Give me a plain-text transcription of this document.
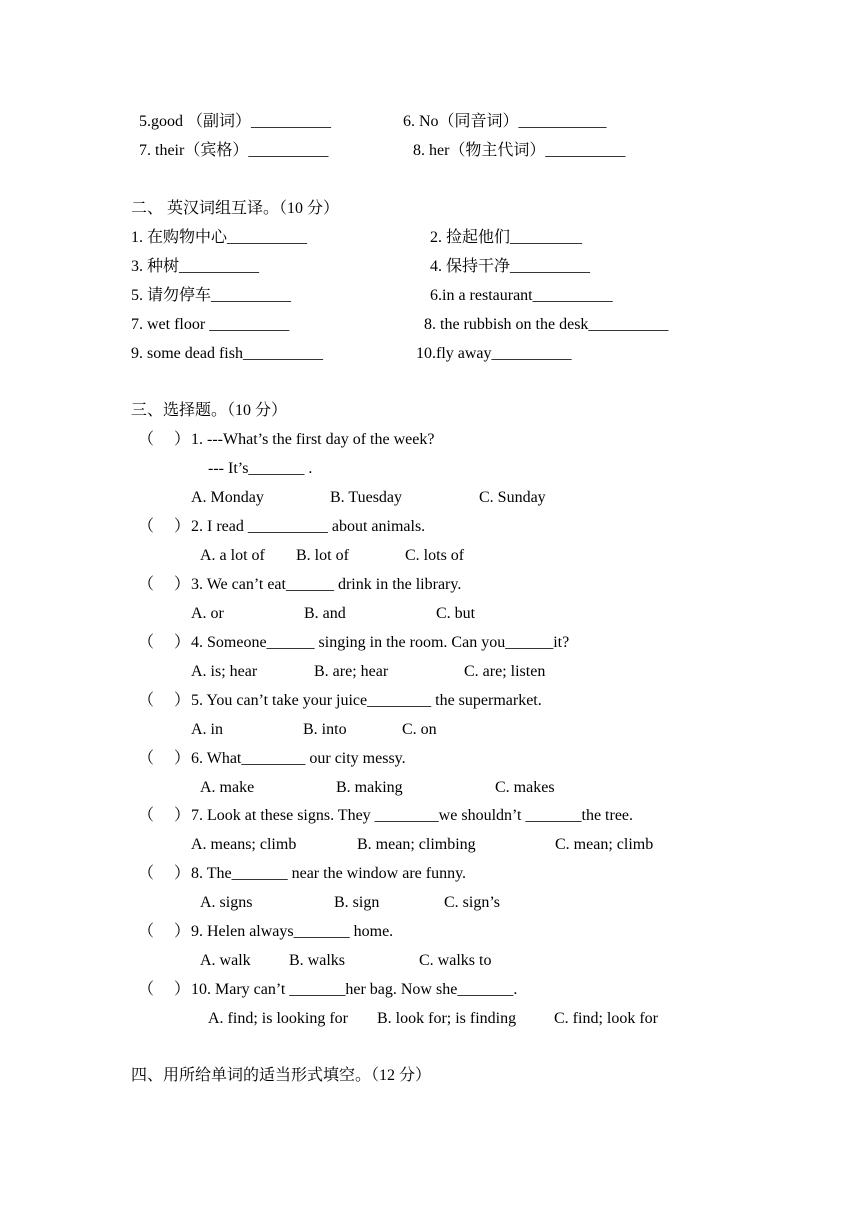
5.good （副词）__________	6. No（同音词）___________

7. their（宾格）__________	8. her（物主代词）__________

二、 英汉词组互译。（10 分）

1. 在购物中心__________	2. 捡起他们_________

3. 种树__________	4. 保持干净__________

5. 请勿停车__________	6.in a restaurant__________

7. wet floor __________	8. the rubbish on the desk__________

9. some dead fish__________	10.fly away__________

三、选择题。（10 分）

（     ） 1. ---What’s the first day of the week?

--- It’s_______ .

A. Monday	B. Tuesday	C. Sunday

（     ） 2. I read __________ about animals.

A. a lot of B. lot of	C. lots of

（     ） 3. We can’t eat______ drink in the library.

A. or	B. and	C. but

（     ） 4. Someone______ singing in the room. Can you______it?

A. is; hear	B. are; hear	C. are; listen

（     ） 5. You can’t take your juice________ the supermarket.

A. in	B. into	C. on

（     ） 6. What________ our city messy.

A. make	B. making	C. makes

（     ） 7. Look at these signs. They ________we shouldn’t _______the tree.

A. means; climb	B. mean; climbing	C. mean; climb

（     ） 8. The_______ near the window are funny.

A. signs	B. sign	C. sign’s

（     ） 9. Helen always_______ home.

A. walk B. walks	C. walks to

（     ） 10. Mary can’t _______her bag. Now she_______.

A. find; is looking for B. look for; is finding C. find; look for

四、用所给单词的适当形式填空。（12 分）
